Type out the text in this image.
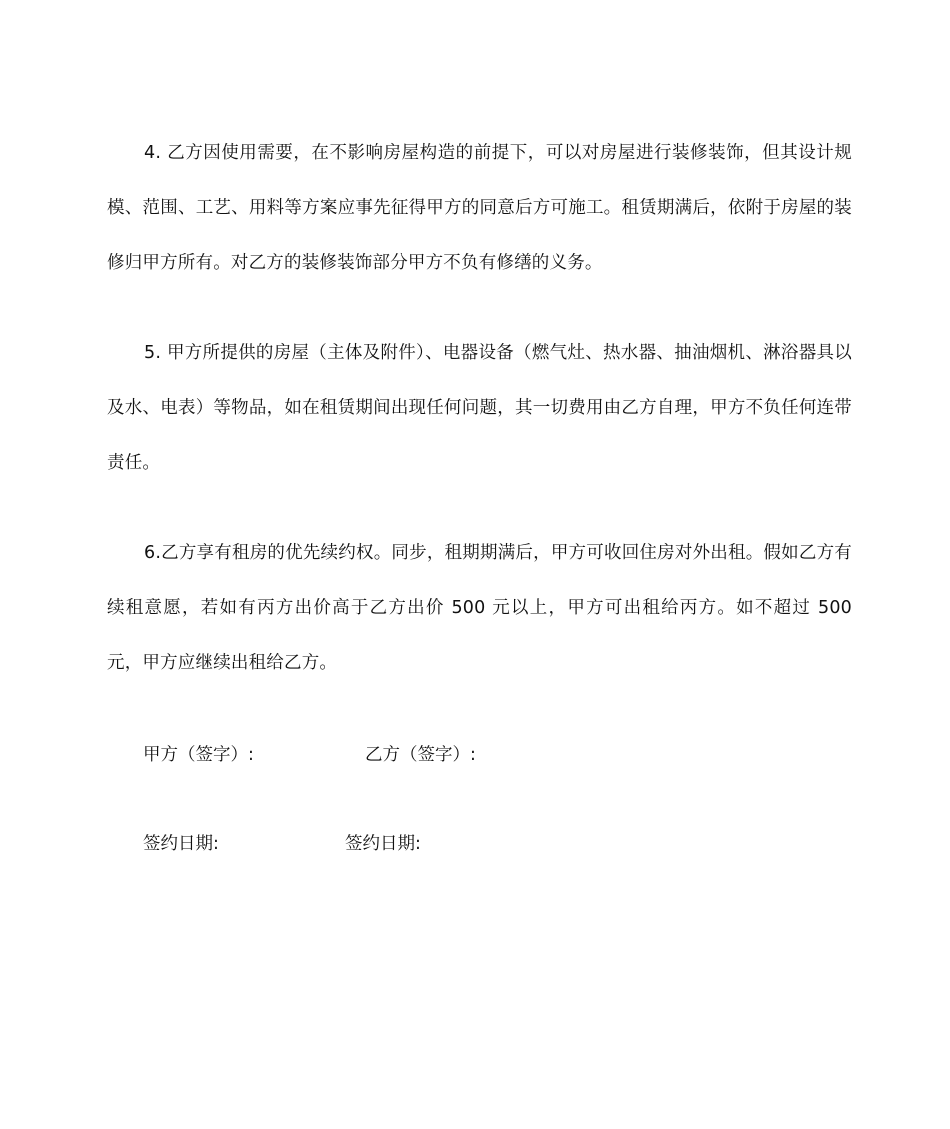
4. 乙方因使用需要，在不影响房屋构造的前提下，可以对房屋进行装修装饰，但其设计规模、范围、工艺、用料等方案应事先征得甲方的同意后方可施工。租赁期满后，依附于房屋的装修归甲方所有。对乙方的装修装饰部分甲方不负有修缮的义务。

5. 甲方所提供的房屋（主体及附件）、电器设备（燃气灶、热水器、抽油烟机、淋浴器具以及水、电表）等物品，如在租赁期间出现任何问题，其一切费用由乙方自理，甲方不负任何连带责任。

6.乙方享有租房的优先续约权。同步，租期期满后，甲方可收回住房对外出租。假如乙方有续租意愿，若如有丙方出价高于乙方出价 500 元以上，甲方可出租给丙方。如不超过 500 元，甲方应继续出租给乙方。

甲方（签字）:	乙方（签字）:
签约日期:	签约日期:
